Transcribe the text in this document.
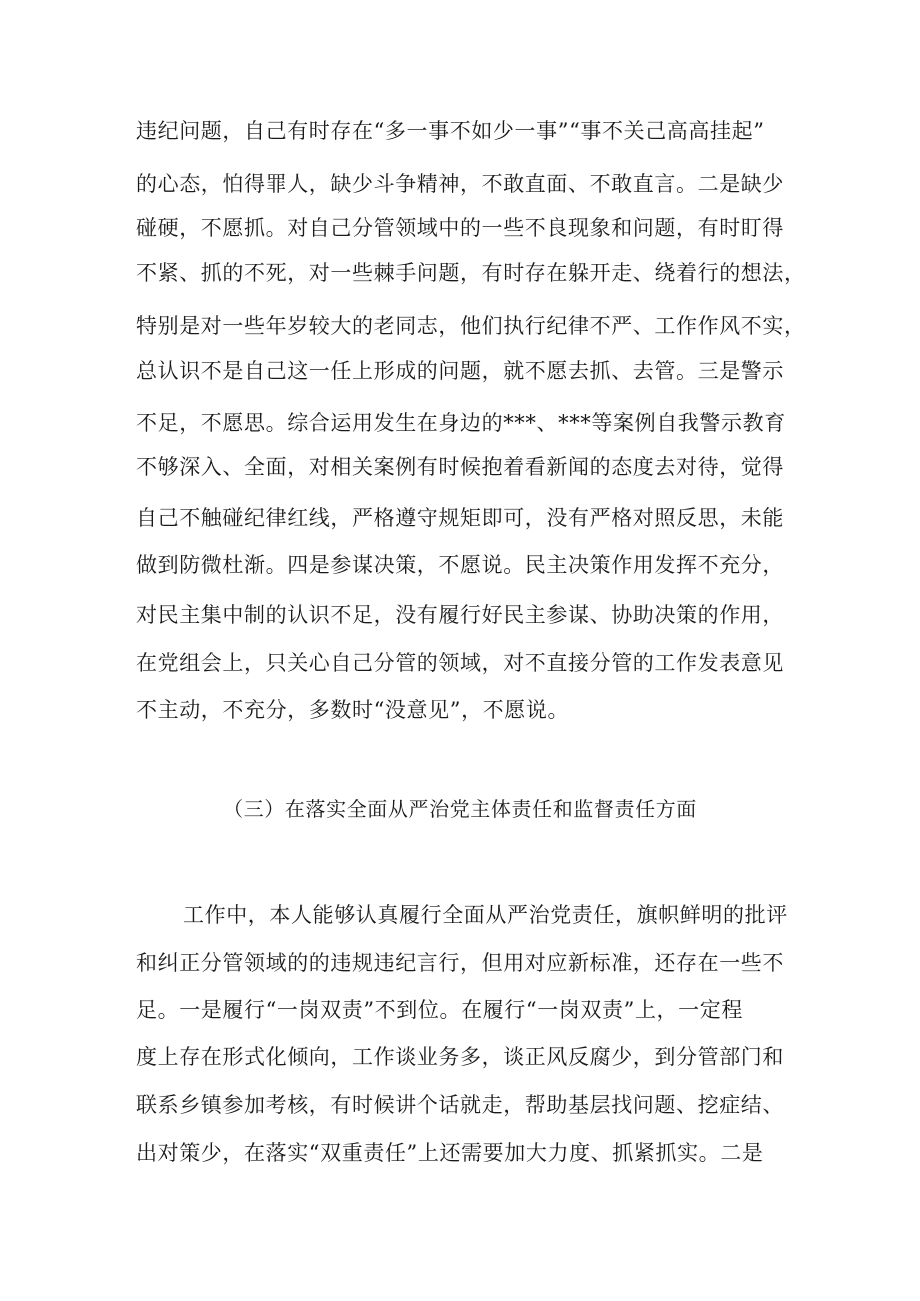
违纪问题，自己有时存在“多一事不如少一事”“事不关己高高挂起”
的心态，怕得罪人，缺少斗争精神，不敢直面、不敢直言。二是缺少
碰硬，不愿抓。对自己分管领域中的一些不良现象和问题，有时盯得
不紧、抓的不死，对一些棘手问题，有时存在躲开走、绕着行的想法，
特别是对一些年岁较大的老同志，他们执行纪律不严、工作作风不实，
总认识不是自己这一任上形成的问题，就不愿去抓、去管。三是警示
不足，不愿思。综合运用发生在身边的***、***等案例自我警示教育
不够深入、全面，对相关案例有时候抱着看新闻的态度去对待，觉得
自己不触碰纪律红线，严格遵守规矩即可，没有严格对照反思，未能
做到防微杜渐。四是参谋决策，不愿说。民主决策作用发挥不充分，
对民主集中制的认识不足，没有履行好民主参谋、协助决策的作用，
在党组会上，只关心自己分管的领域，对不直接分管的工作发表意见
不主动，不充分，多数时“没意见”，不愿说。
（三）在落实全面从严治党主体责任和监督责任方面
工作中，本人能够认真履行全面从严治党责任，旗帜鲜明的批评
和纠正分管领域的的违规违纪言行，但用对应新标准，还存在一些不
足。一是履行“一岗双责”不到位。在履行“一岗双责”上，一定程
度上存在形式化倾向，工作谈业务多，谈正风反腐少，到分管部门和
联系乡镇参加考核，有时候讲个话就走，帮助基层找问题、挖症结、
出对策少，在落实“双重责任”上还需要加大力度、抓紧抓实。二是
